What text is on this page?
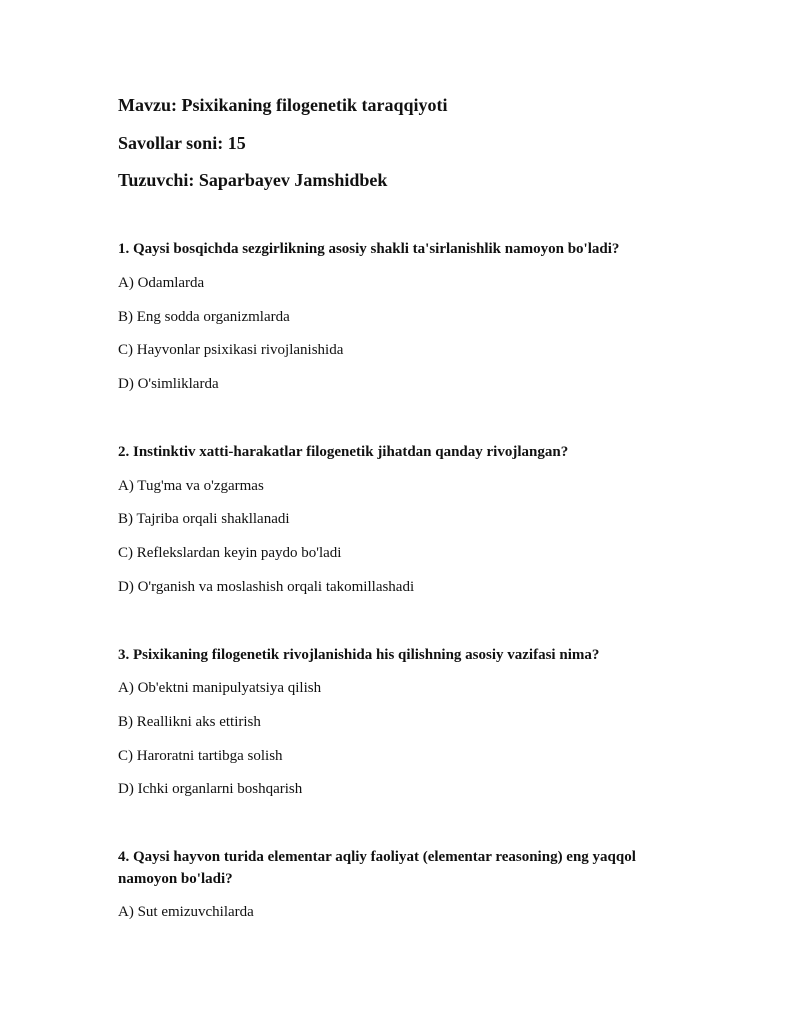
Mavzu: Psixikaning filogenetik taraqqiyoti

Savollar soni: 15

Tuzuvchi: Saparbayev Jamshidbek

1. Qaysi bosqichda sezgirlikning asosiy shakli ta'sirlanishlik namoyon bo'ladi?

A) Odamlarda

B) Eng sodda organizmlarda

C) Hayvonlar psixikasi rivojlanishida

D) O'simliklarda

2. Instinktiv xatti-harakatlar filogenetik jihatdan qanday rivojlangan?

A) Tug'ma va o'zgarmas

B) Tajriba orqali shakllanadi

C) Reflekslardan keyin paydo bo'ladi

D) O'rganish va moslashish orqali takomillashadi

3. Psixikaning filogenetik rivojlanishida his qilishning asosiy vazifasi nima?

A) Ob'ektni manipulyatsiya qilish

B) Reallikni aks ettirish

C) Haroratni tartibga solish

D) Ichki organlarni boshqarish

4. Qaysi hayvon turida elementar aqliy faoliyat (elementar reasoning) eng yaqqol namoyon bo'ladi?

A) Sut emizuvchilarda
